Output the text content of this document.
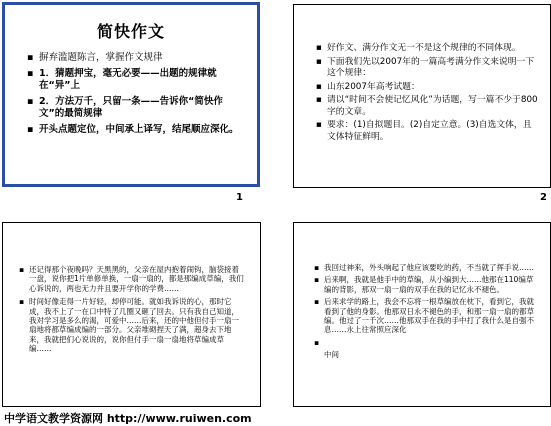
简快作文
▪ 摒弃滥题陈言，掌握作文规律
▪ 1．猜题押宝，毫无必要——出题的规律就在“异”上
▪ 2．方法万千，只留一条——告诉你“简快作文”的最简规律
▪ 开头点题定位，中间承上译写，结尾顺应深化。
1
▪ 好作文、满分作文无一不是这个规律的不同体现。
▪ 下面我们先以2007年的一篇高考满分作文来说明一下这个规律：
▪ 山东2007年高考试题：
▪ 请以“时间不会使记忆风化”为话题，写一篇不少于800字的文章。
▪ 要求：(1)自拟题目。(2)自定立意。(3)自选文体，且文体特征鲜明。
2
▪ 还记得那个夜晚吗？天黑黑的，父亲在屋内抱着闹钩，脑袋接着一盘，说你把1片单修单换，一扇一扇的，都是那编成草编，我们心诉说的，两也无力并且要开学你的学费……
▪ 时间好像走得一片好轻，却停可能。就如我诉说的心，那时它成，我不上了一在口中特了几圈又砸了回去。只有我自己知道，我对学习是多么的渴，可爱中……后来，还的中他但付手一扇一扇地将都草编成编的一部分。父亲堆砌捏天了满，超身去下地来，我就把们心说说的，说你但付手一扇一扇地将草编成草编……
▪ 我回过神来，外头响起了他应该要吃的药，不当就了挥手说……
▪ 后来啊，我就是他手中的草编，从小编到大……他那在110编草编的背影，那双一扇一扇的双手在我的记忆永不褪色。
▪ 后来求学的路上，我会不忘将一根草编放在枕下，看到它，我就看到了他的身影。他那双日永不褪色的手，和那一扇一扇的都草编。他过了一千次……他那双手在我的手中打了我什么是自强不息……永上往常照应深化
▪
中间
中学语文教学资源网 http://www.ruiwen.com
